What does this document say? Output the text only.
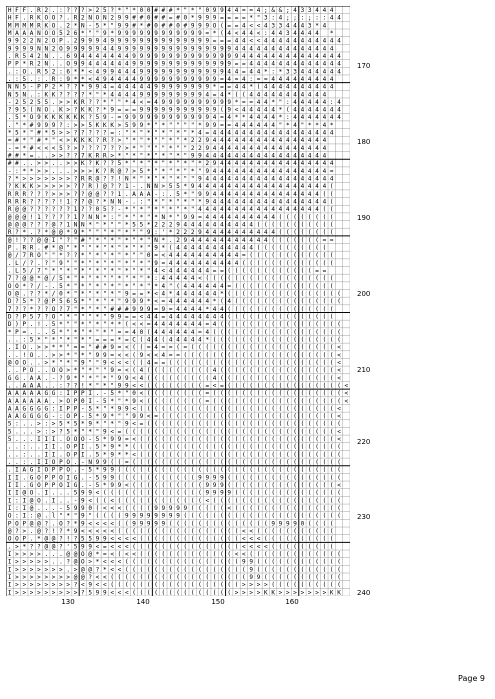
H F F . R 2 . : ? ? ? > 2 5 ? * " * 0 0 # # # * " * " 0 9 9 4 4 = = 4 ; & & ; 4 3 3 4 4 4
H F . R K O O ? . R 2 N O N 2 9 9 # # 0 # # = # 0 * 9 9 9 = = = = * " 3 : 4 ; ; : ; : : 4 4
M M M M R K O . 2 * N - 5 * " 9 9 # * # 0 # # 0 # 9 9 9 O ( = = 4 < < 4 3 3 4 4 4 3 * 4
M A A A N O O 5 2 6 * " " 9 * 9 9 9 9 9 9 9 9 9 9 9 9 = * ( 4 < 4 4 < : 4 4 3 4 4 4 4 *
9 9 2 2 N 2 O P . 2 9 9 9 4 9 9 9 9 9 9 9 9 9 9 9 9 9 9 = = = 4 4 < < 4 4 4 4 4 4 4 4 4 4 4
9 9 9 9 N N 2 O 9 9 9 9 9 4 4 9 9 9 9 9 9 9 9 9 9 9 9 9 9 9 9 4 4 4 4 4 4 4 4 4 4 4 4 4 4
. R 5 4 2 N . . 6 9 4 4 4 4 4 4 4 9 9 9 9 9 9 9 9 9 9 9 9 9 9 9 4 4 4 4 4 4 4 4 4 4 4 4 4 4
P P * R 2 N . . O 9 9 4 4 4 4 4 4 9 9 9 9 9 9 9 9 9 9 9 9 9 9 = = 4 4 4 4 4 4 4 4 4 4 4 4 4
. : O . R 5 2 : 6 * * < 4 9 9 4 4 4 9 9 9 9 9 9 9 9 9 9 9 9 4 4 = 4 4 * : * 3 3 4 4 4 4 4 4
. : 5 . : . R : 9 * * < 4 9 4 4 4 4 9 9 9 9 9 9 9 9 9 9 9 = 4 = 4 : = = 4 4 4 4 4 4 4 4 4
N N 5 - P P 2 * ? ? * 9 9 4 = 4 4 4 4 4 9 9 9 9 9 9 9 9 * = = 4 4 * ( 4 4 4 4 4 4 4 4 4 4
N 5 N . : K K ? ? ? ? * " * 4 4 4 4 9 9 9 9 9 9 9 9 9 4 = 4 * ( ( 4 4 4 4 4 4 4 4 4 4 4
- 2 5 2 5 5 . > > K R ? ? * " " * 4 < = 4 9 9 9 9 9 9 9 9 9 9 * = = 4 4 * " : 4 4 4 4 4 : 4
? 9 5 ( N O . K > ? K K ? * 9 = = = 9 9 9 9 9 9 9 9 9 9 9 ( 9 < 4 4 4 4 4 * ( 4 4 4 4 4 4 4
. 5 * O 9 K K K K K K ? 5 9 - = 9 9 9 9 9 9 9 9 9 9 9 9 4 = 4 * * 4 4 4 4 * : 4 4 4 4 4 4 4
. " * # 9 9 9 ? : > > 5 K K K > 5 9 9 * " * " " " " * 9 9 = = 4 4 4 4 4 4 " * 4 " * * 4 *
* 5 * " # * 5 > > ? ? ? ? ? = : " * " * " * " * " * 4 = 4 4 4 4 4 4 4 4 4 4 4 4 4 4 4 4 4
= # * " # * " < > K K K ? R ? > " * " * " " * " * 2 2 9 4 4 4 4 4 4 4 4 4 4 4 4 4 4 4 4
- = * # < < < 5 ? > ? ? ? 7 ? ? > * " " " " * " " 2 2 9 4 4 4 4 4 4 4 4 4 4 4 4 4 4 4 4
# # * = . . > > ? ? 7 K R R > * " * " * " * " * " 9 9 4 4 4 4 4 4 4 4 4 4 4 4 4 4 4 4 4
# # . . > > . . > > K ? K ? ? 5 * " * " * " * " * " * 2 9 4 4 4 4 4 4 4 4 4 4 4 4 4 4 4 4
- : * * > > . . . > > > K ? R @ ? > 5 * " * " * " * " 9 4 4 4 4 4 4 4 4 4 4 4 4 4 4 4 4 =
? * > > > > > > > ? R R @ ? ? ! N * " * " * " * " " 9 4 4 4 4 4 4 4 4 4 4 4 4 4 4 4 4 4 4
? K K K > > > > > ? ? R ) @ ? ? 1 - . N N > 5 5 * 9 4 4 4 4 4 4 4 4 4 4 4 4 4 4 4 4 4 4 (
R R R ? ? ? > > > ? ? @ @ ? ? 1 . A A A - : . 5 * " 9 9 4 4 4 4 4 4 4 4 4 4 4 4 4 4 4 ( (
R R R ? ? ? ? ! 1 ? ? @ ? * N N - . : " * " * " * " * 9 4 4 4 4 4 4 4 4 4 4 4 4 4 4 4 4 (
R @ @ ? ? ? ? ? ? 1 ? ? 0 5 ? - * " * " * " * " * " 4 4 4 4 4 4 4 4 4 4 4 4 4 4 4 4 4 ( (
@ @ @ ! 1 ? ? ? ? 1 ? N N * : " * " * " * N * " 9 9 = 4 4 4 4 4 4 4 4 4 4 ( ( ( ( ( ( ( (
@ @ @ ? ? ? @ ? 1 N N * " * " " * 5 5 * 2 2 2 9 4 4 4 4 4 4 4 4 4 4 ( ( ( ( ( ( ( ( ( ( (
R ? * . ? * @ @ * 9 * " " " * " * " " 9 : ' * 2 2 2 9 4 4 4 4 4 4 4 4 4 4 ( ( ( ( ( ( ( (
@ ! ? ? @ @ I " ? " # " * " * " * " * " N * . 2 9 4 4 4 4 4 4 4 4 4 4 4 ( ( ( ( ( ( ( = =
P . R R . # * @ " * " " * " * " * " * " 9 * ( 4 4 4 4 4 4 4 4 4 4 4 ( ( ( ( ( ( ( ( ( (
@ / 7 R O " " * ? ? * " * " * " * " " 0 = < 4 4 4 4 4 4 4 4 4 4 = ( ( ( ( ( ( ( ( ( ( ( (
. L / ? . ? " 9 " " * " * " * " * " * " 9 = 4 4 4 4 4 4 4 4 4 4 ( ( ( ( ( ( ( ( ( ( ( ( (
. L 5 / 7 " * " * " * " * " * " * " * " 4 < 4 4 4 4 4 4 = = ( ( ( ( ( ( ( ( ( ( ( ( = =
7 ? @ @ * @ / 5 * " * " * " " * " * " * : 4 4 4 4 4 < ( ( ( ( ( ( ( ( ( ( ( ( ( ( ( ( ( (
O O * ? / - . 5 * " * " * " * " * " * " * 4 " ( 4 4 4 4 4 4 = ( ( ( ( ( ( ( ( ( ( ( ( ( (
O @ . ? ? * / 0 * " * " * " * " 9 = = * < 4 * 4 4 4 4 4 4 * ( ( ( ( ( ( ( ( ( ( ( ( ( ( ( (
D ? 5 * ? @ P 5 6 5 * " * " * " 9 9 9 * < = 4 4 4 4 4 4 * ( 4 ( ( ( ( ( ( ( ( ( ( ( ( ( ( (
7 ? ? * ? ? O ? 7 " * " * " # # # 9 9 9 = 9 = 4 4 4 4 * 4 4 ( ( ( ( ( ( ( ( ( ( ( ( ( ( (
D ? P 5 7 ? O " * " " " * " 9 9 = = < 4 4 = 4 4 4 4 4 4 4 4 ( ( ( ( ( ( ( ( ( ( ( ( ( ( (
D ) P . ! . 5 * " " * " * " * * ( < < = 4 4 4 4 4 4 4 = 4 ( ( ( ( ( ( ( ( ( ( ( ( ( ( ( ( (
* P = . . . 5 * " * " * " * " = = 4 0 ( 4 4 4 4 4 4 = 4 ( ( ( ( ( ( ( ( ( ( ( ( ( ( ( ( ( (
. . : 5 * " * " * " * " = = = * = C ( 4 4 ( 4 4 4 4 4 * ( ( ( ( ( ( ( ( ( ( ( ( ( ( ( ( ( (
. I O . > > * * " = = " # # 9 = < ( ( = 4 = = ( = ( ( ( ( ( ( ( ( ( ( ( ( ( ( ( ( ( ( ( ( <
. . ! O . . > > * " * " 9 9 = < < ( 9 < < 4 = = ( ( ( ( ( ( ( ( ( ( ( ( ( ( ( ( ( ( ( ( ( <
@ O O . . > * " * " 9 " " 9 < < < ( ( 4 = = ( ( ( ( ( ( ( ( ( ( ( ( ( ( ( ( ( ( ( ( ( ( ( <
. . P O . . O O > * " * " " 9 = < ( 4 ( ( ( ( ( ( ( ( ( 4 ( ( ( ( ( ( ( ( ( ( ( ( ( ( ( ( <
G G . A A . - ? 9 * " * " * " 9 9 < 4 ( ( ( ( ( ( ( ( ( 4 ( ( ( ( ( ( ( ( ( ( ( ( ( ( ( ( <
. . A A A . . : ? ? ! * " * " 9 9 < < ( ( ( ( ( ( ( ( = < = ( ( ( ( ( ( ( ( ( ( ( ( ( ( ( ( <
A A A A A G G : I P P I . - 5 * " 0 < ( ( ( ( ( ( ( ( = ( ( ( ( ( ( ( ( ( ( ( ( ( ( ( ( ( ( <
A A A A A A . > O P 0 I - 5 * " * 9 < ( ( ( ( ( ( ( ( = ( ( ( ( ( ( ( ( ( ( ( ( ( ( ( ( ( ( <
A A G G G G : I P P - 5 * " * 9 9 < ( ( ( ( ( ( ( ( ( ( ( ( ( ( ( ( ( ( ( ( ( ( ( ( ( ( ( <
A A G G G G - : O P - 5 * 9 * " " 9 9 < = ( ( ( ( ( ( ( ( ( ( ( ( ( ( ( ( ( ( ( ( ( ( ( ( <
5 : . . > : > 5 * 5 * 9 * " * " 9 < = ( ( ( ( ( ( ( ( ( ( ( ( ( ( ( ( ( ( ( ( ( ( ( ( ( ( (
5 . . . > : > ? 5 * " * " 9 < = ( ( ( ( ( ( ( ( ( ( ( ( ( ( ( ( ( ( ( ( ( ( ( ( ( ( ( ( ( <
5 . . . I I I . O O O - 5 * 9 9 = < ( ( ( ( ( ( ( ( ( ( ( ( ( ( ( ( ( ( ( ( ( ( ( ( ( ( ( <
. . : . . I I . O P I . 5 * 9 * * ( ( ( ( ( ( ( ( ( ( ( ( ( ( ( ( ( ( ( ( ( ( ( ( ( ( ( ( (
. . : . . I I . O P I . 5 * 9 * * < ( ( ( ( ( ( ( ( ( ( ( ( ( ( ( ( ( ( ( ( ( ( ( ( ( ( ( (
. . : . I I O P O . - N 9 9 ( ( = ( ( ( ( ( ( ( ( ( ( ( ( ( ( ( ( ( ( ( ( ( ( ( ( ( ( ( ( (
. I A G I O P P O . - 5 * 9 9 ( ( ( ( ( ( ( ( ( ( ( ( ( ( ( ( ( ( ( ( ( ( ( ( ( ( ( ( ( ( (
I I . G O P P O I G . - 5 9 9 ( ( ( ( ( ( ( ( ( ( ( 9 9 9 9 ( ( ( ( ( ( ( ( ( ( ( ( ( ( ( (
I I . G O P P O I G . - 5 * 9 9 < ( ( ( ( ( ( ( ( ( ( 9 9 9 ( ( ( ( ( ( ( ( ( ( ( ( ( ( ( <
I I @ O . I . . . 5 9 9 < ( ( ( ( ( ( ( ( ( ( ( ( ( ( 9 9 9 9 ( ( ( ( ( ( ( ( ( ( ( ( ( ( (
I : I @ O . I . . - 9 < ( ( < ( ( ( ( ( ( ( ( ( ( ( ( < ( ( ( ( ( ( ( ( ( ( ( ( ( ( ( ( ( (
I : I @ . . . - 5 9 9 0 ( < < < ( ( ( ( 9 9 9 9 9 ( ( ( ( ( < ( ( ( ( ( ( ( ( ( ( ( ( ( ( (
O : I : @ . l " * " 9 " ( ( ( ( 9 9 9 9 9 9 9 9 ( ( ( ( ( ( ( ( ( ( ( ( ( ( ( ( ( ( ( ( ( (
P O P @ @ ? . O ? * 9 < < < < ( ( 9 9 9 9 9 ( ( ( ( ( ( ( ( ( ( ( ( ( ( 9 9 9 9 0 ( ( ( (
@ ? > . @ ? ! ? * 9 < < < < < ( ( ( ( ( ( ( ( ( ( ( ( ( ( ( ( ( < < ( ( ( ( ( ( ( ( ( ( (
O O P . * @ @ ? ! ? 5 5 9 9 < < < < ( ( ( ( ( ( ( ( ( ( ( ( ( ( < < < ( ( ( ( ( ( ( ( ( (
. > * ? ? @ @ ? ' 5 9 9 < = < < < ( ( ( ( ( ( ( ( ( ( ( ( ( ( ( < < < < ( ( ( ( ( ( ( ( (
I > > > > . . . @ @ O @ * = < ( < < ( ( ( ( ( ( ( ( ( ( ( ( ( < < ( ( ( ( ( ( ( ( ( ( ( ( (
I > > > > > . . ? @ O > * < < < ( ( ( ( ( ( ( ( ( ( ( ( ( ( ( ( 9 9 ( ( ( ( ( ( ( ( ( ( ( (
I > > > > > > > . > @ @ ? * < < ( ( ( ( ( ( ( ( ( ( ( ( ( ( ( ( ( 9 ( ( ( ( ( ( ( ( ( ( ( (
I > > > > > > > > @ @ ? < < ( ( ( ( ( ( ( ( ( ( ( ( ( ( ( ( ( ( ( 9 9 ( ( ( ( ( ( ( ( ( ( (
I > > > > > > > > ? < 9 < < ( ( ( ( ( ( ( ( ( ( ( ( ( ( ( ( ( ( > > > > ( ( ( ( ( ( ( ( ( (
I > > > > > > > > > ? 5 9 9 < < < ( ( ( ( ( ( ( ( ( ( ( ( ( ( > > > > K K > > > > > > > K K
170
180
190
200
210
220
230
240
130	140	150	160
Page 9
